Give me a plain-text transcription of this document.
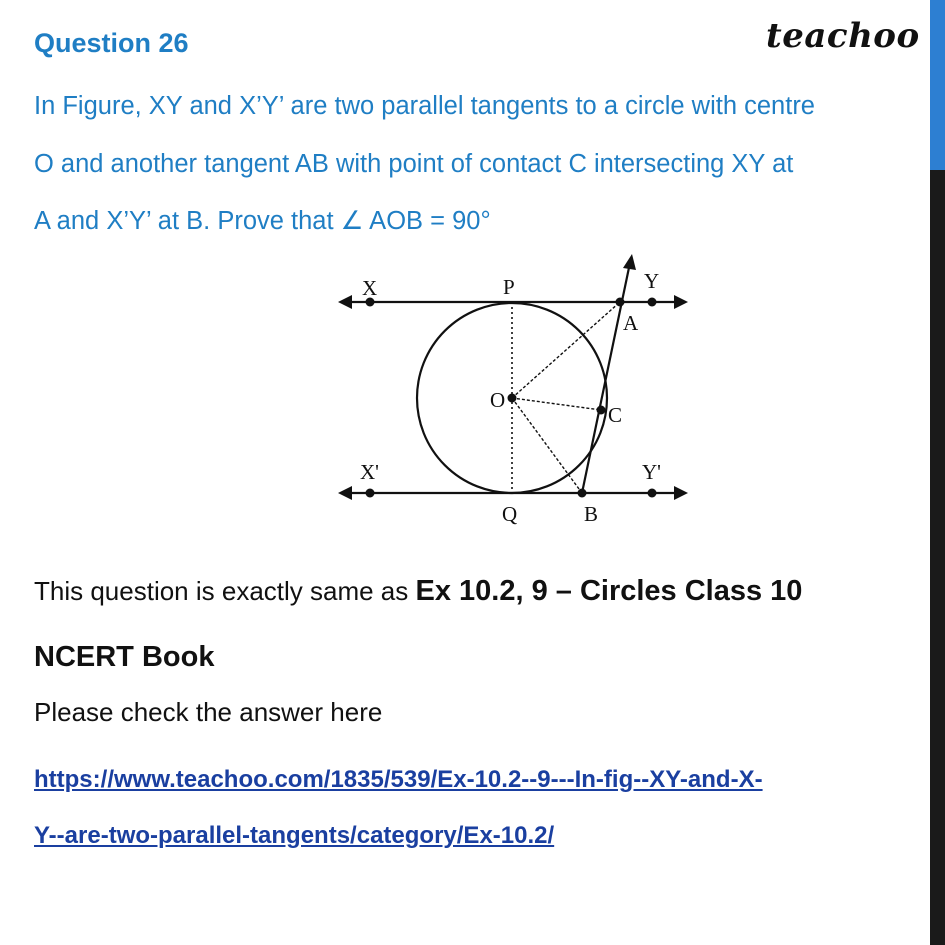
Question 26	teachoo
In Figure, XY and X’Y’ are two parallel tangents to a circle with centre
O and another tangent AB with point of contact C intersecting XY at
A and X’Y’ at B. Prove that ∠ AOB = 90°
X	P	Y
A
O
C
X'	Y'
Q	B
This question is exactly same as Ex 10.2, 9 – Circles Class 10
NCERT Book
Please check the answer here
https://www.teachoo.com/1835/539/Ex-10.2--9---In-fig--XY-and-X-
Y--are-two-parallel-tangents/category/Ex-10.2/
